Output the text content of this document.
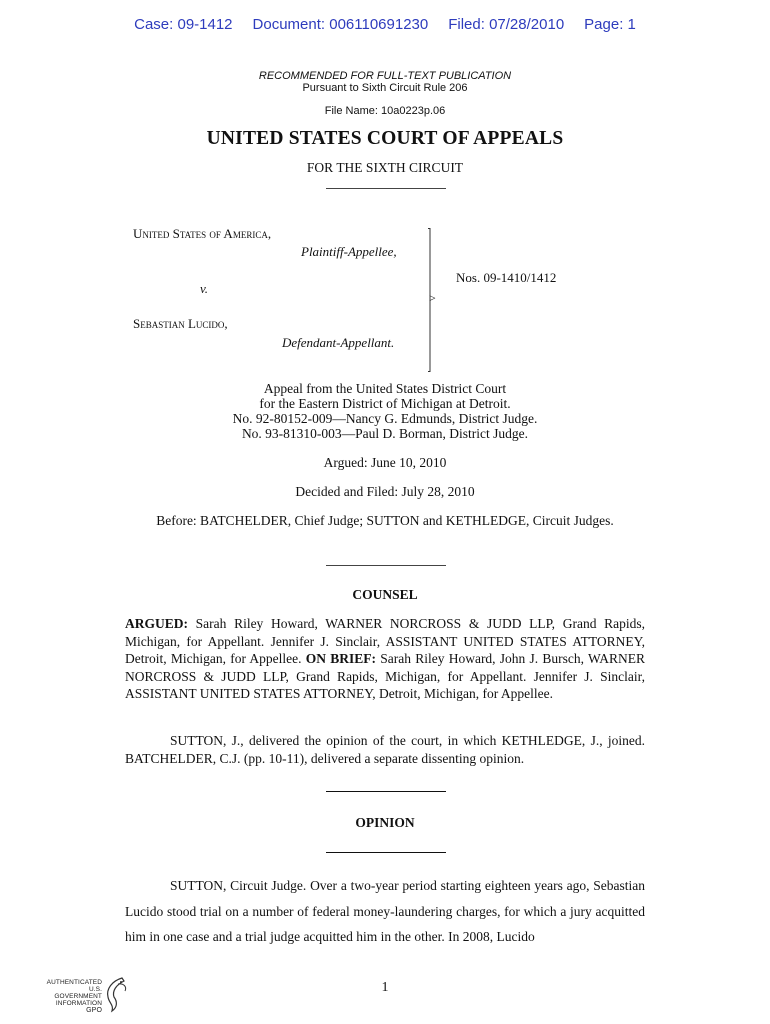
Case: 09-1412 Document: 006110691230 Filed: 07/28/2010 Page: 1
RECOMMENDED FOR FULL-TEXT PUBLICATION
Pursuant to Sixth Circuit Rule 206
File Name: 10a0223p.06
UNITED STATES COURT OF APPEALS
FOR THE SIXTH CIRCUIT
United States of America,
Plaintiff-Appellee,
v.
Sebastian Lucido,
Defendant-Appellant.
>
Nos. 09-1410/1412
Appeal from the United States District Court
for the Eastern District of Michigan at Detroit.
No. 92-80152-009—Nancy G. Edmunds, District Judge.
No. 93-81310-003—Paul D. Borman, District Judge.
Argued: June 10, 2010
Decided and Filed: July 28, 2010
Before: BATCHELDER, Chief Judge; SUTTON and KETHLEDGE, Circuit Judges.
COUNSEL
ARGUED: Sarah Riley Howard, WARNER NORCROSS & JUDD LLP, Grand Rapids, Michigan, for Appellant. Jennifer J. Sinclair, ASSISTANT UNITED STATES ATTORNEY, Detroit, Michigan, for Appellee. ON BRIEF: Sarah Riley Howard, John J. Bursch, WARNER NORCROSS & JUDD LLP, Grand Rapids, Michigan, for Appellant. Jennifer J. Sinclair, ASSISTANT UNITED STATES ATTORNEY, Detroit, Michigan, for Appellee.
SUTTON, J., delivered the opinion of the court, in which KETHLEDGE, J., joined. BATCHELDER, C.J. (pp. 10-11), delivered a separate dissenting opinion.
OPINION
SUTTON, Circuit Judge. Over a two-year period starting eighteen years ago, Sebastian Lucido stood trial on a number of federal money-laundering charges, for which a jury acquitted him in one case and a trial judge acquitted him in the other. In 2008, Lucido
1
AUTHENTICATED
U.S. GOVERNMENT
INFORMATION
GPO
